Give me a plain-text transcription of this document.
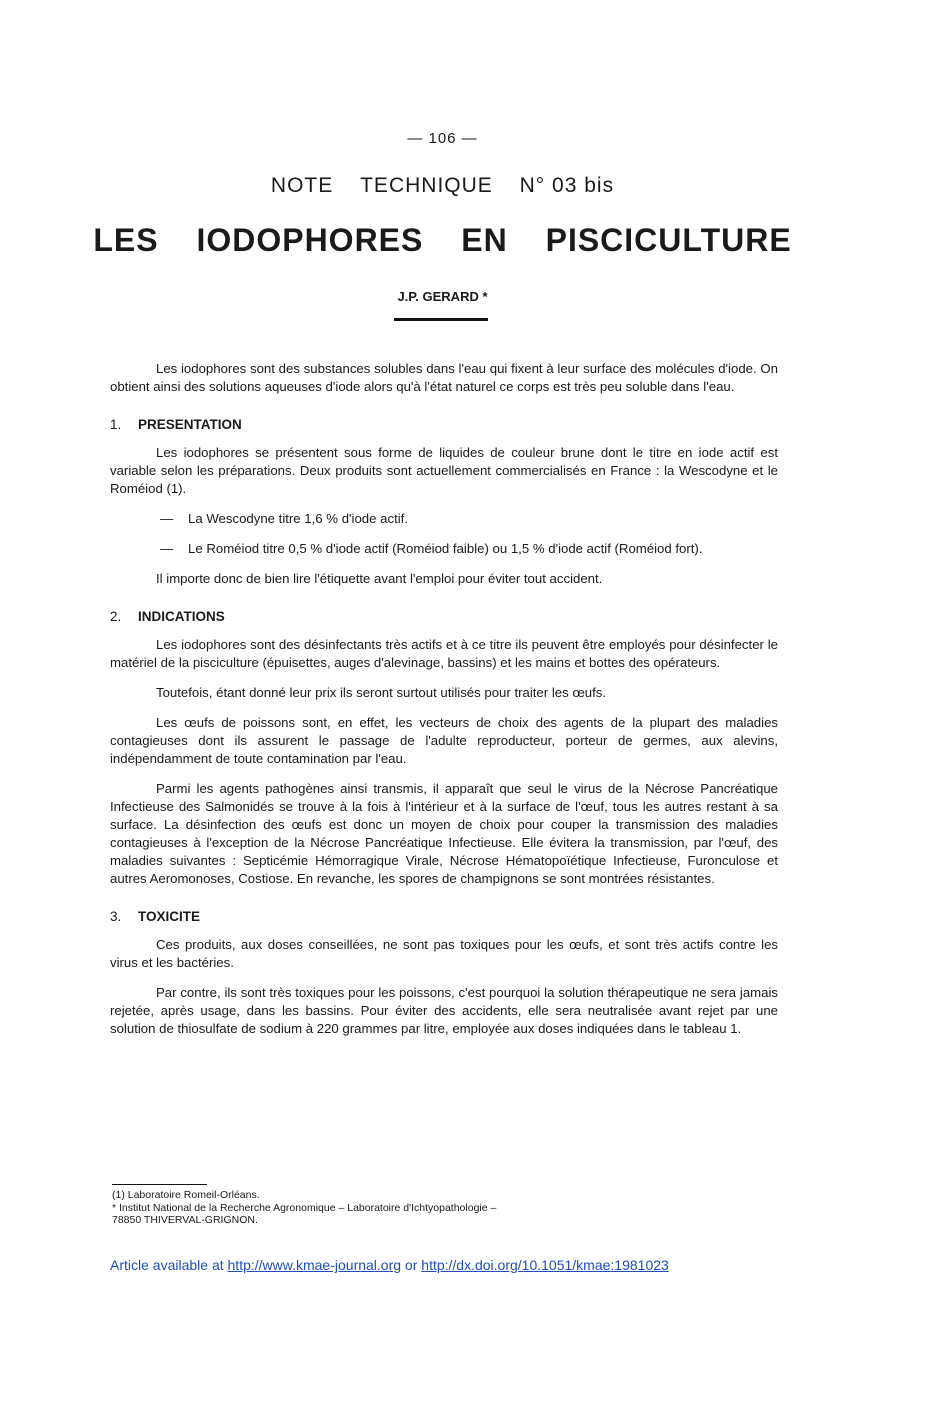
— 106 —
NOTE TECHNIQUE N° 03 bis
LES IODOPHORES EN PISCICULTURE
J.P. GERARD *

Les iodophores sont des substances solubles dans l'eau qui fixent à leur surface des molécules d'iode. On obtient ainsi des solutions aqueuses d'iode alors qu'à l'état naturel ce corps est très peu soluble dans l'eau.

1. PRESENTATION

Les iodophores se présentent sous forme de liquides de couleur brune dont le titre en iode actif est variable selon les préparations. Deux produits sont actuellement commercialisés en France : la Wescodyne et le Roméiod (1).

— La Wescodyne titre 1,6 % d'iode actif.

— Le Roméiod titre 0,5 % d'iode actif (Roméiod faible) ou 1,5 % d'iode actif (Roméiod fort).

Il importe donc de bien lire l'étiquette avant l'emploi pour éviter tout accident.

2. INDICATIONS

Les iodophores sont des désinfectants très actifs et à ce titre ils peuvent être employés pour désinfecter le matériel de la pisciculture (épuisettes, auges d'alevinage, bassins) et les mains et bottes des opérateurs.

Toutefois, étant donné leur prix ils seront surtout utilisés pour traiter les œufs.

Les œufs de poissons sont, en effet, les vecteurs de choix des agents de la plupart des maladies contagieuses dont ils assurent le passage de l'adulte reproducteur, porteur de germes, aux alevins, indépendamment de toute contamination par l'eau.

Parmi les agents pathogènes ainsi transmis, il apparaît que seul le virus de la Nécrose Pancréatique Infectieuse des Salmonidés se trouve à la fois à l'intérieur et à la surface de l'œuf, tous les autres restant à sa surface. La désinfection des œufs est donc un moyen de choix pour couper la transmission des maladies contagieuses à l'exception de la Nécrose Pancréatique Infectieuse. Elle évitera la transmission, par l'œuf, des maladies suivantes : Septicémie Hémorragique Virale, Nécrose Hématopoïétique Infectieuse, Furonculose et autres Aeromonoses, Costiose. En revanche, les spores de champignons se sont montrées résistantes.

3. TOXICITE

Ces produits, aux doses conseillées, ne sont pas toxiques pour les œufs, et sont très actifs contre les virus et les bactéries.

Par contre, ils sont très toxiques pour les poissons, c'est pourquoi la solution thérapeutique ne sera jamais rejetée, après usage, dans les bassins. Pour éviter des accidents, elle sera neutralisée avant rejet par une solution de thiosulfate de sodium à 220 grammes par litre, employée aux doses indiquées dans le tableau 1.

(1) Laboratoire Romeil-Orléans.
* Institut National de la Recherche Agronomique – Laboratoire d'Ichtyopathologie –
78850 THIVERVAL-GRIGNON.
Article available at http://www.kmae-journal.org or http://dx.doi.org/10.1051/kmae:1981023
